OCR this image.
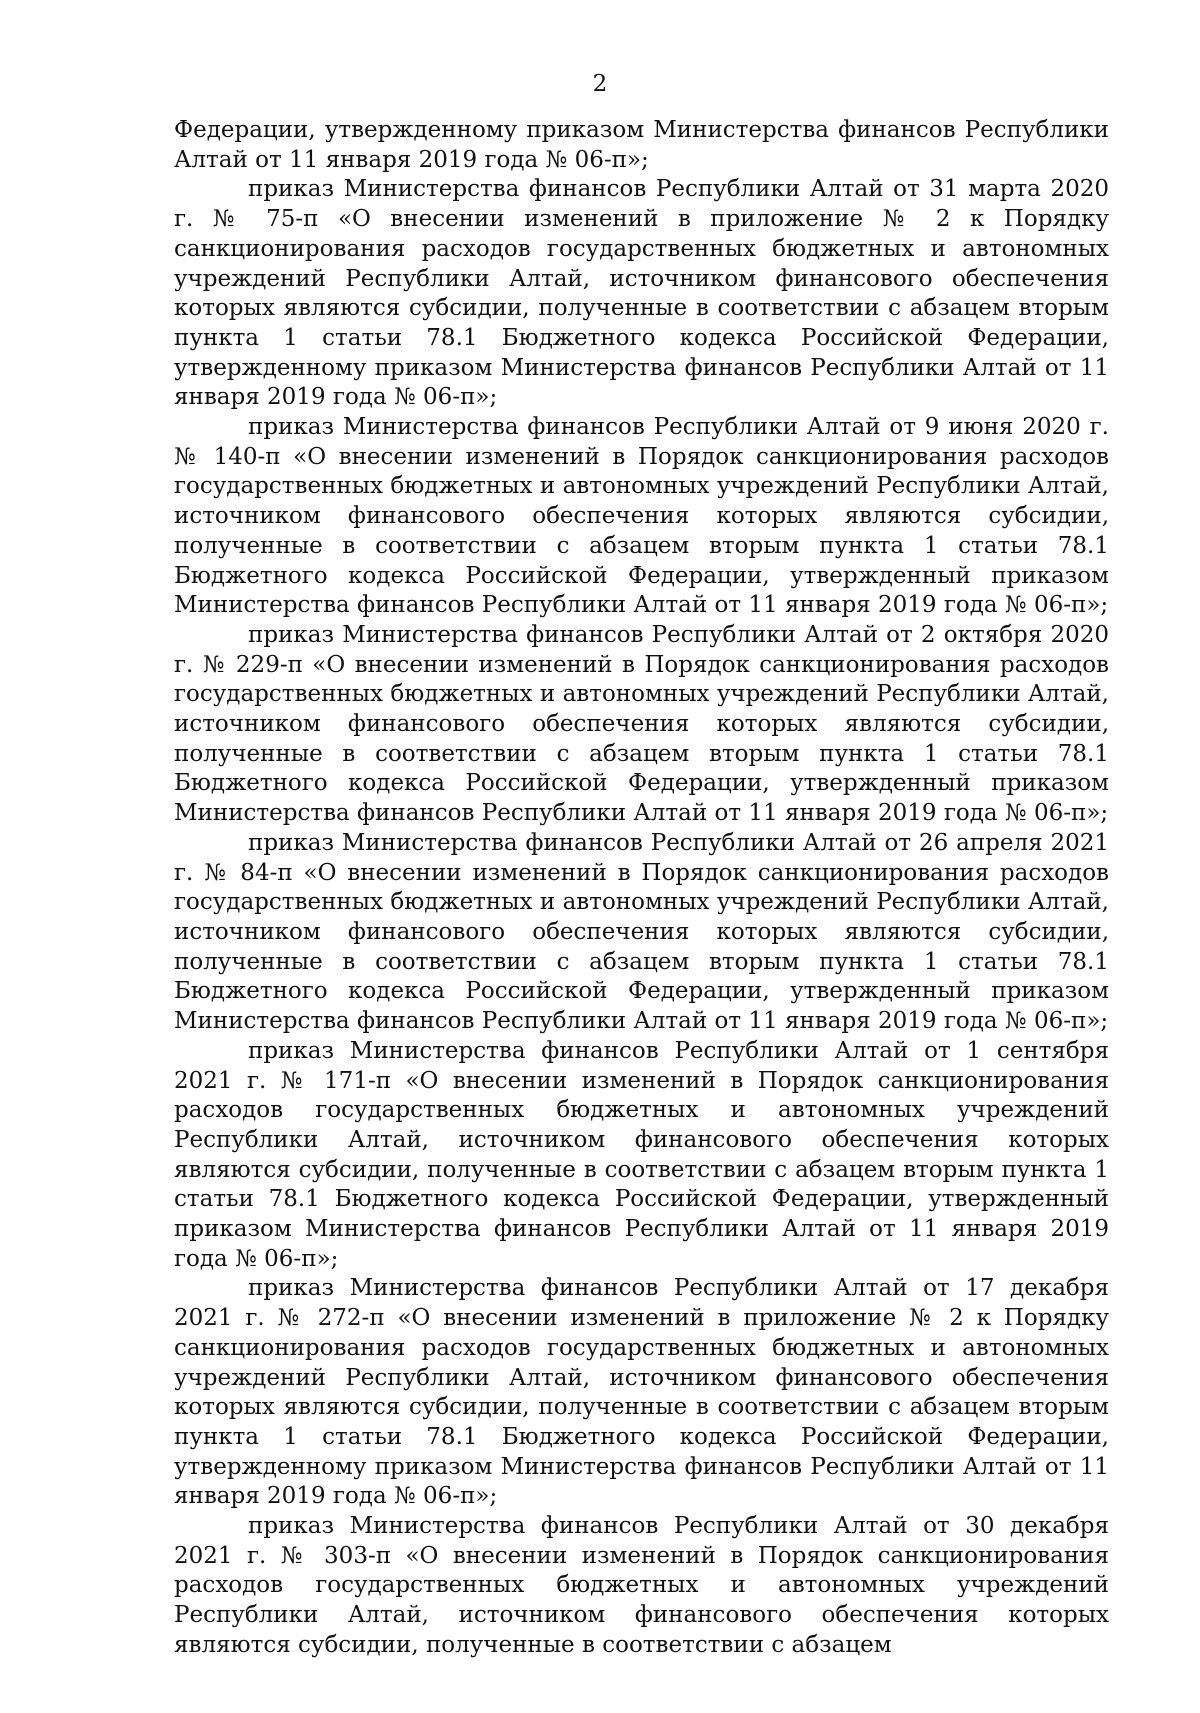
2

Федерации, утвержденному приказом Министерства финансов Республики Алтай от 11 января 2019 года № 06-п»;

приказ Министерства финансов Республики Алтай от 31 марта 2020 г. № 75-п «О внесении изменений в приложение № 2 к Порядку санкционирования расходов государственных бюджетных и автономных учреждений Республики Алтай, источником финансового обеспечения которых являются субсидии, полученные в соответствии с абзацем вторым пункта 1 статьи 78.1 Бюджетного кодекса Российской Федерации, утвержденному приказом Министерства финансов Республики Алтай от 11 января 2019 года № 06-п»;

приказ Министерства финансов Республики Алтай от 9 июня 2020 г. № 140-п «О внесении изменений в Порядок санкционирования расходов государственных бюджетных и автономных учреждений Республики Алтай, источником финансового обеспечения которых являются субсидии, полученные в соответствии с абзацем вторым пункта 1 статьи 78.1 Бюджетного кодекса Российской Федерации, утвержденный приказом Министерства финансов Республики Алтай от 11 января 2019 года № 06-п»;

приказ Министерства финансов Республики Алтай от 2 октября 2020 г. № 229-п «О внесении изменений в Порядок санкционирования расходов государственных бюджетных и автономных учреждений Республики Алтай, источником финансового обеспечения которых являются субсидии, полученные в соответствии с абзацем вторым пункта 1 статьи 78.1 Бюджетного кодекса Российской Федерации, утвержденный приказом Министерства финансов Республики Алтай от 11 января 2019 года № 06-п»;

приказ Министерства финансов Республики Алтай от 26 апреля 2021 г. № 84-п «О внесении изменений в Порядок санкционирования расходов государственных бюджетных и автономных учреждений Республики Алтай, источником финансового обеспечения которых являются субсидии, полученные в соответствии с абзацем вторым пункта 1 статьи 78.1 Бюджетного кодекса Российской Федерации, утвержденный приказом Министерства финансов Республики Алтай от 11 января 2019 года № 06-п»;

приказ Министерства финансов Республики Алтай от 1 сентября 2021 г. № 171-п «О внесении изменений в Порядок санкционирования расходов государственных бюджетных и автономных учреждений Республики Алтай, источником финансового обеспечения которых являются субсидии, полученные в соответствии с абзацем вторым пункта 1 статьи 78.1 Бюджетного кодекса Российской Федерации, утвержденный приказом Министерства финансов Республики Алтай от 11 января 2019 года № 06-п»;

приказ Министерства финансов Республики Алтай от 17 декабря 2021 г. № 272-п «О внесении изменений в приложение № 2 к Порядку санкционирования расходов государственных бюджетных и автономных учреждений Республики Алтай, источником финансового обеспечения которых являются субсидии, полученные в соответствии с абзацем вторым пункта 1 статьи 78.1 Бюджетного кодекса Российской Федерации, утвержденному приказом Министерства финансов Республики Алтай от 11 января 2019 года № 06-п»;

приказ Министерства финансов Республики Алтай от 30 декабря 2021 г. № 303-п «О внесении изменений в Порядок санкционирования расходов государственных бюджетных и автономных учреждений Республики Алтай, источником финансового обеспечения которых являются субсидии, полученные в соответствии с абзацем
